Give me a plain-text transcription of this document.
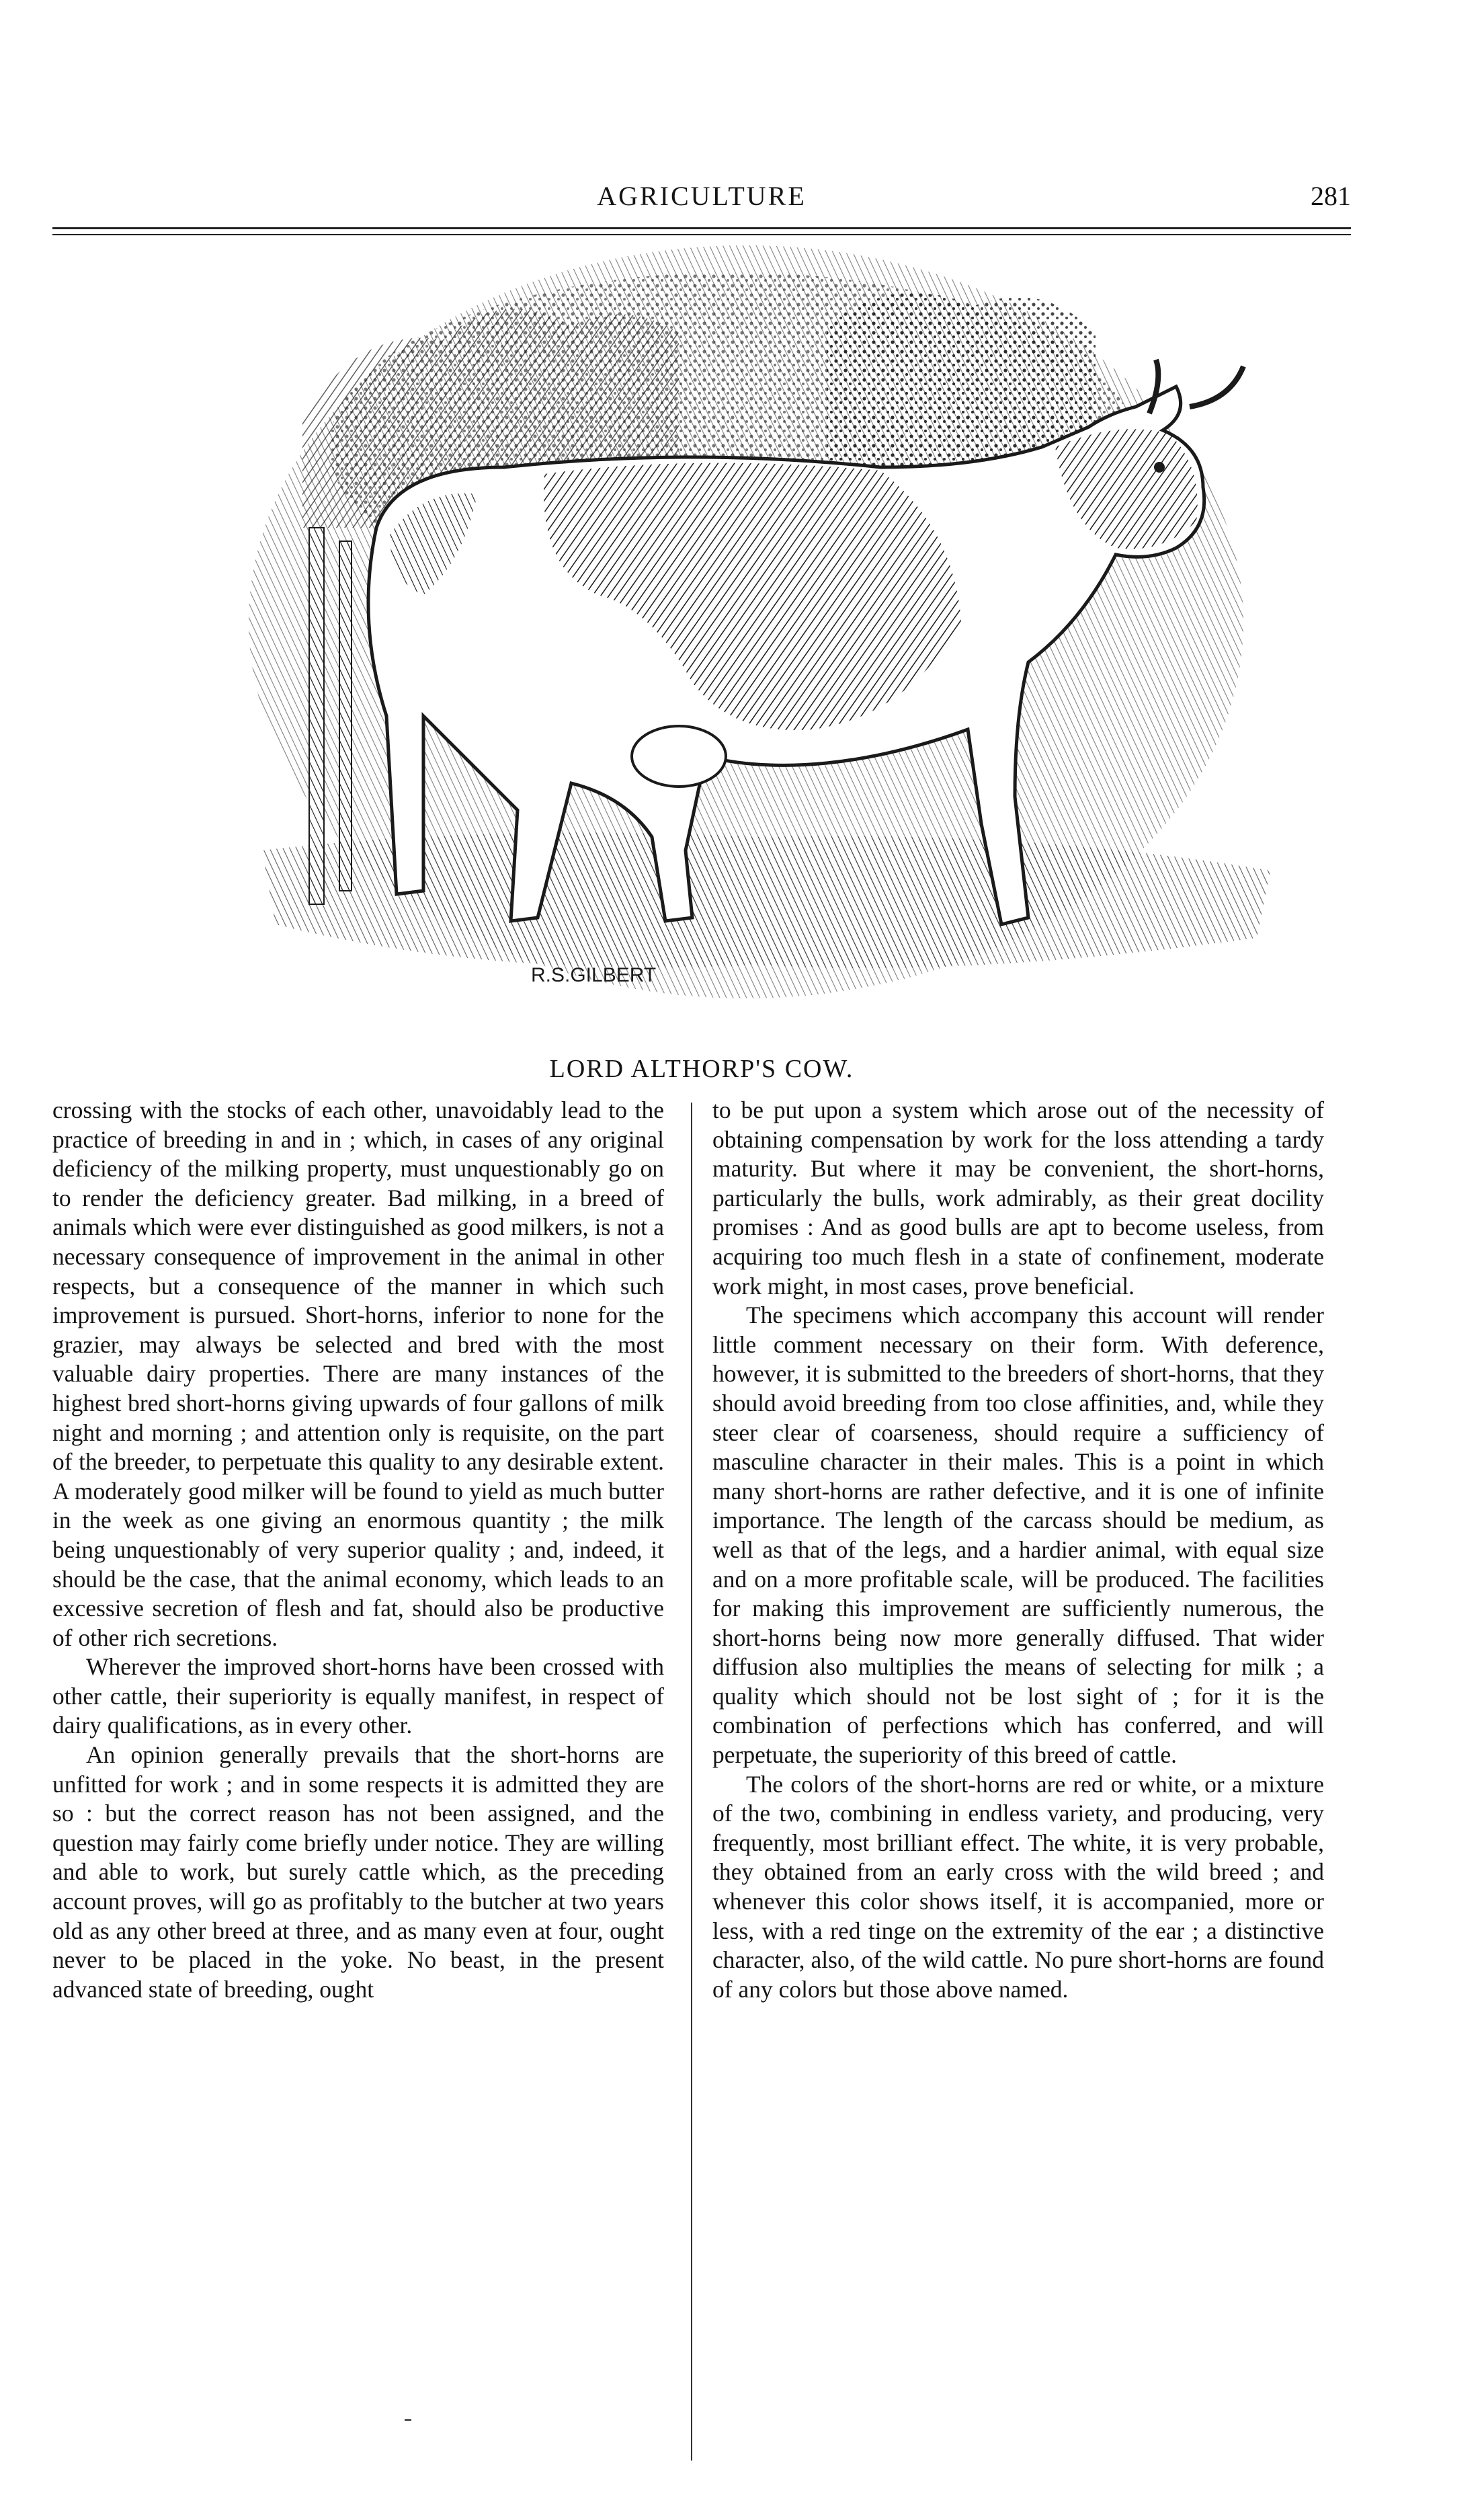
AGRICULTURE	281
R.S.GILBERT
LORD ALTHORP'S COW.

crossing with the stocks of each other, unavoidably lead to the practice of breeding in and in ; which, in cases of any original deficiency of the milking property, must unquestionably go on to render the deficiency greater. Bad milking, in a breed of animals which were ever distinguished as good milkers, is not a necessary consequence of improvement in the animal in other respects, but a consequence of the manner in which such improvement is pursued. Short-horns, inferior to none for the grazier, may always be selected and bred with the most valuable dairy properties. There are many instances of the highest bred short-horns giving upwards of four gallons of milk night and morning ; and attention only is requisite, on the part of the breeder, to perpetuate this quality to any desirable extent. A moderately good milker will be found to yield as much butter in the week as one giving an enormous quantity ; the milk being unquestionably of very superior quality ; and, indeed, it should be the case, that the animal economy, which leads to an excessive secretion of flesh and fat, should also be productive of other rich secretions.

Wherever the improved short-horns have been crossed with other cattle, their superiority is equally manifest, in respect of dairy qualifications, as in every other.

An opinion generally prevails that the short-horns are unfitted for work ; and in some respects it is admitted they are so : but the correct reason has not been assigned, and the question may fairly come briefly under notice. They are willing and able to work, but surely cattle which, as the preceding account proves, will go as profitably to the butcher at two years old as any other breed at three, and as many even at four, ought never to be placed in the yoke. No beast, in the present advanced state of breeding, ought

to be put upon a system which arose out of the necessity of obtaining compensation by work for the loss attending a tardy maturity. But where it may be convenient, the short-horns, particularly the bulls, work admirably, as their great docility promises : And as good bulls are apt to become useless, from acquiring too much flesh in a state of confinement, moderate work might, in most cases, prove beneficial.

The specimens which accompany this account will render little comment necessary on their form. With deference, however, it is submitted to the breeders of short-horns, that they should avoid breeding from too close affinities, and, while they steer clear of coarseness, should require a sufficiency of masculine character in their males. This is a point in which many short-horns are rather defective, and it is one of infinite importance. The length of the carcass should be medium, as well as that of the legs, and a hardier animal, with equal size and on a more profitable scale, will be produced. The facilities for making this improvement are sufficiently numerous, the short-horns being now more generally diffused. That wider diffusion also multiplies the means of selecting for milk ; a quality which should not be lost sight of ; for it is the combination of perfections which has conferred, and will perpetuate, the superiority of this breed of cattle.

The colors of the short-horns are red or white, or a mixture of the two, combining in endless variety, and producing, very frequently, most brilliant effect. The white, it is very probable, they obtained from an early cross with the wild breed ; and whenever this color shows itself, it is accompanied, more or less, with a red tinge on the extremity of the ear ; a distinctive character, also, of the wild cattle. No pure short-horns are found of any colors but those above named.
